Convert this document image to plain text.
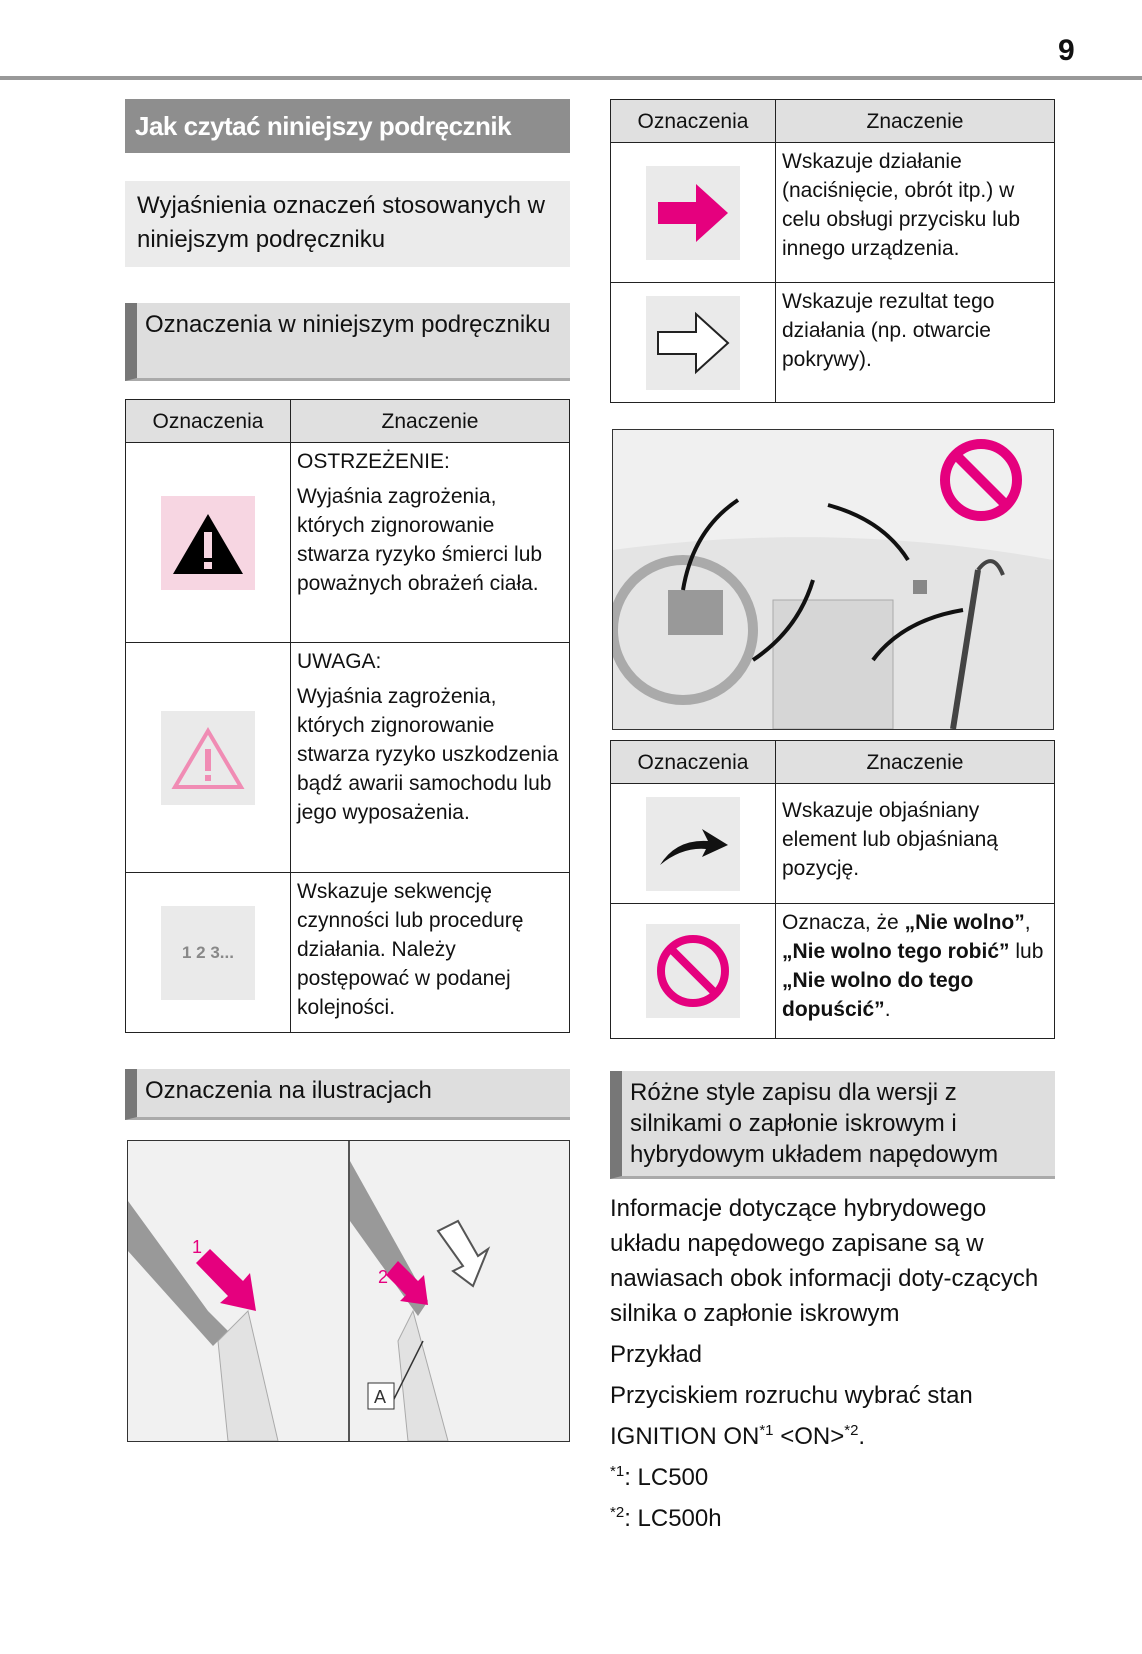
9
Jak czytać niniejszy podręcznik
Wyjaśnienia oznaczeń stosowanych w niniejszym podręczniku
Oznaczenia w niniejszym podręczniku
Oznaczenia	Znaczenie

OSTRZEŻENIE:
Wyjaśnia zagrożenia, których zignorowanie stwarza ryzyko śmierci lub poważnych obrażeń ciała.

UWAGA:
Wyjaśnia zagrożenia, których zignorowanie stwarza ryzyko uszkodzenia bądź awarii samochodu lub jego wyposażenia.

1 2 3...	Wskazuje sekwencję czynności lub procedurę działania. Należy postępować w podanej kolejności.
Oznaczenia na ilustracjach
1
2
A
Oznaczenia	Znaczenie
	Wskazuje działanie (naciśnięcie, obrót itp.) w celu obsługi przycisku lub innego urządzenia.
	Wskazuje rezultat tego działania (np. otwarcie pokrywy).
Oznaczenia	Znaczenie
	Wskazuje objaśniany element lub objaśnianą pozycję.
	Oznacza, że „Nie wolno”, „Nie wolno tego robić” lub „Nie wolno do tego dopuścić”.
Różne style zapisu dla wersji z silnikami o zapłonie iskrowym i hybrydowym układem napędowym
Informacje dotyczące hybrydowego układu napędowego zapisane są w nawiasach obok informacji doty-czących silnika o zapłonie iskrowym
Przykład
Przyciskiem rozruchu wybrać stan IGNITION $ON^{*1} <ON>^{*2}$.
$^{*1}$: LC500
$^{*2}$: LC500h
